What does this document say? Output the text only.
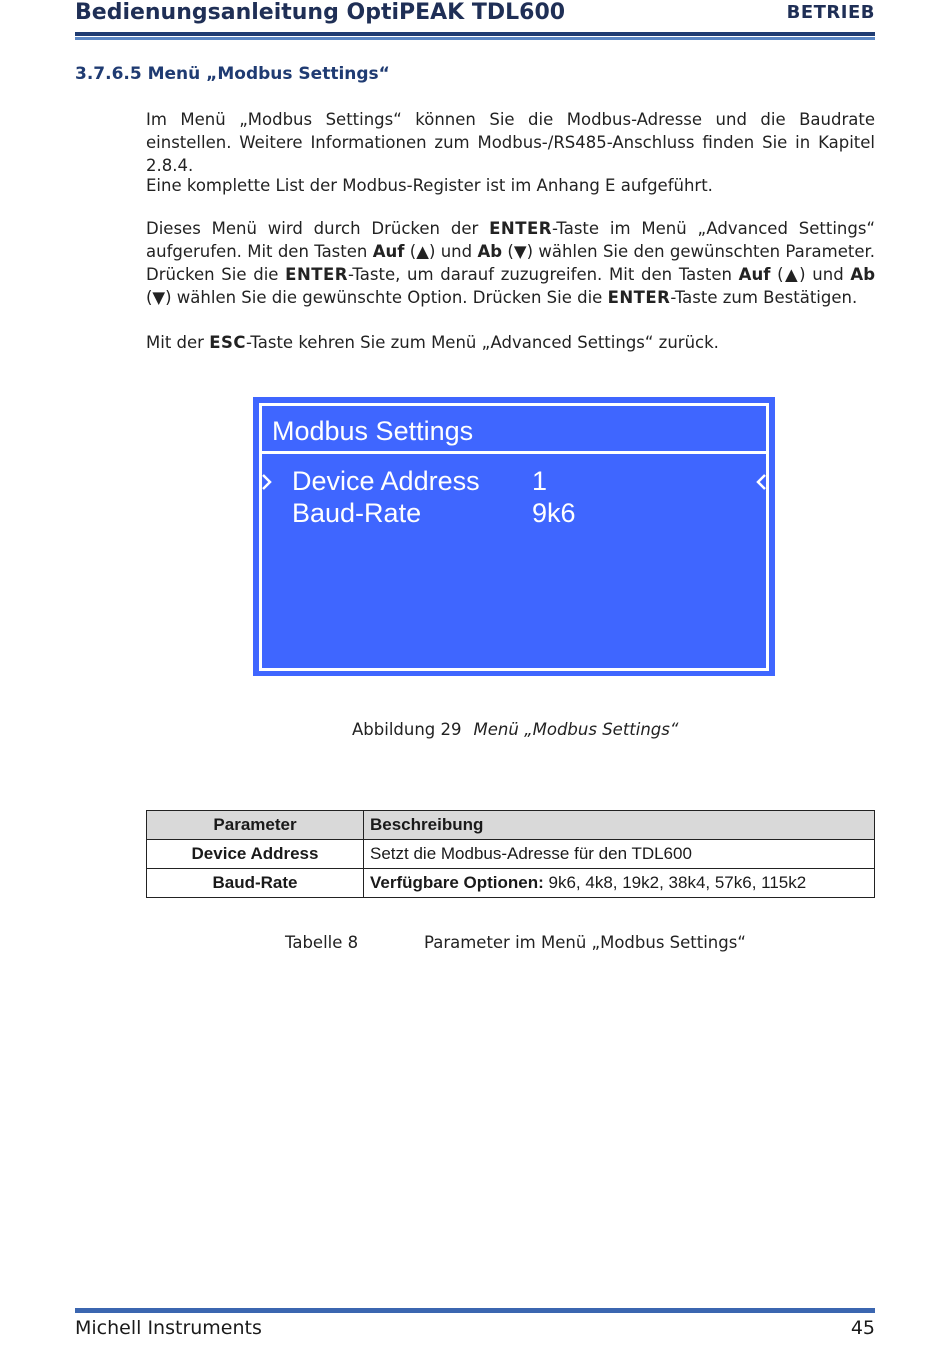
Bedienungsanleitung OptiPEAK TDL600	BETRIEB
3.7.6.5 Menü „Modbus Settings“

Im Menü „Modbus Settings“ können Sie die Modbus-Adresse und die Baudrate einstellen. Weitere Informationen zum Modbus-/RS485-Anschluss finden Sie in Kapitel 2.8.4.

Eine komplette List der Modbus-Register ist im Anhang E aufgeführt.

Dieses Menü wird durch Drücken der ENTER-Taste im Menü „Advanced Settings“ aufgerufen. Mit den Tasten Auf (▲) und Ab (▼) wählen Sie den gewünschten Parameter. Drücken Sie die ENTER-Taste, um darauf zuzugreifen. Mit den Tasten Auf (▲) und Ab (▼) wählen Sie die gewünschte Option. Drücken Sie die ENTER-Taste zum Bestätigen.

Mit der ESC-Taste kehren Sie zum Menü „Advanced Settings“ zurück.

Modbus Settings
Device Address 1
Baud-Rate	9k6
Abbildung 29 Menü „Modbus Settings“
Parameter	Beschreibung
Device Address	Setzt die Modbus-Adresse für den TDL600
Baud-Rate	Verfügbare Optionen: 9k6, 4k8, 19k2, 38k4, 57k6, 115k2
Tabelle 8	Parameter im Menü „Modbus Settings“
Michell Instruments	45
